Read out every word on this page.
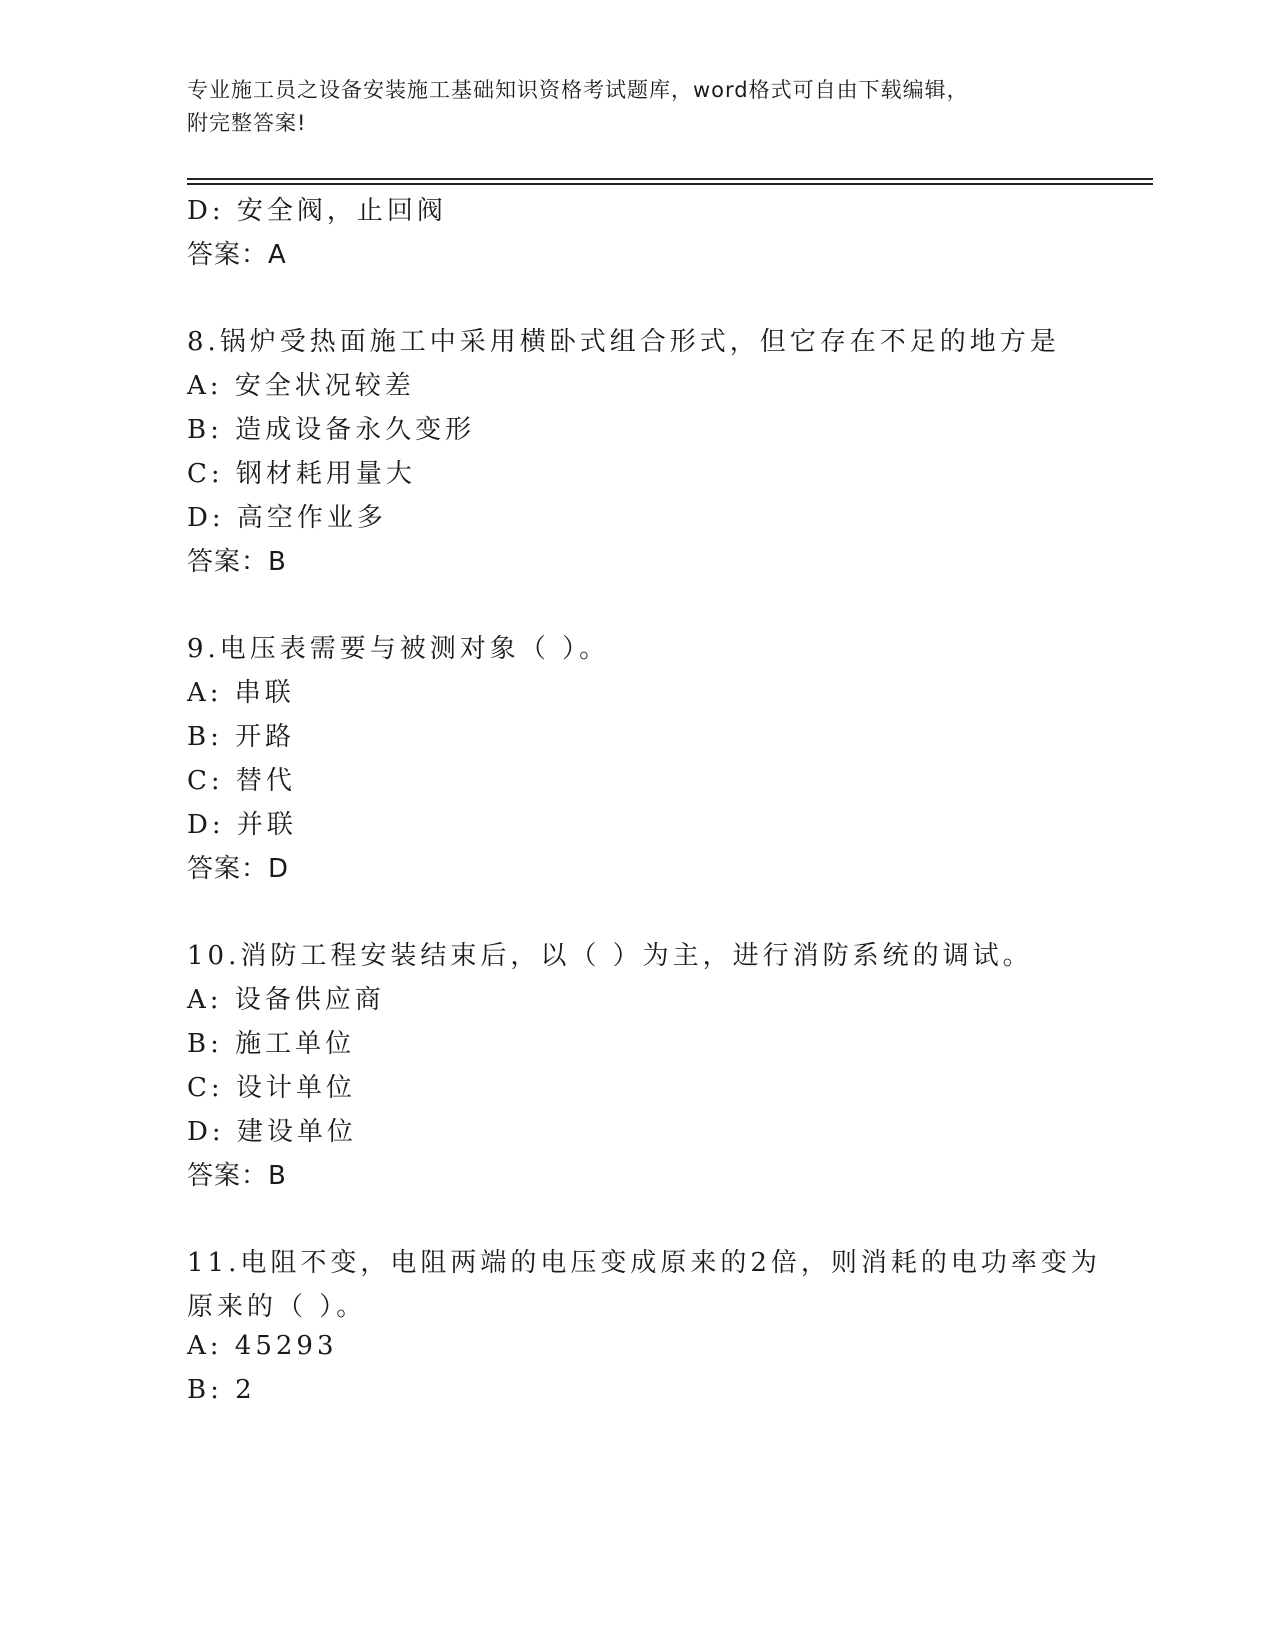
专业施工员之设备安装施工基础知识资格考试题库，word格式可自由下载编辑，
附完整答案!
D: 安全阀，止回阀
答案：A
8.锅炉受热面施工中采用横卧式组合形式，但它存在不足的地方是
A: 安全状况较差
B: 造成设备永久变形
C: 钢材耗用量大
D: 高空作业多
答案：B
9.电压表需要与被测对象（ ）。
A: 串联
B: 开路
C: 替代
D: 并联
答案：D
10.消防工程安装结束后，以（ ）为主，进行消防系统的调试。
A: 设备供应商
B: 施工单位
C: 设计单位
D: 建设单位
答案：B
11.电阻不变，电阻两端的电压变成原来的2倍，则消耗的电功率变为
原来的（ ）。
A: 45293
B: 2
